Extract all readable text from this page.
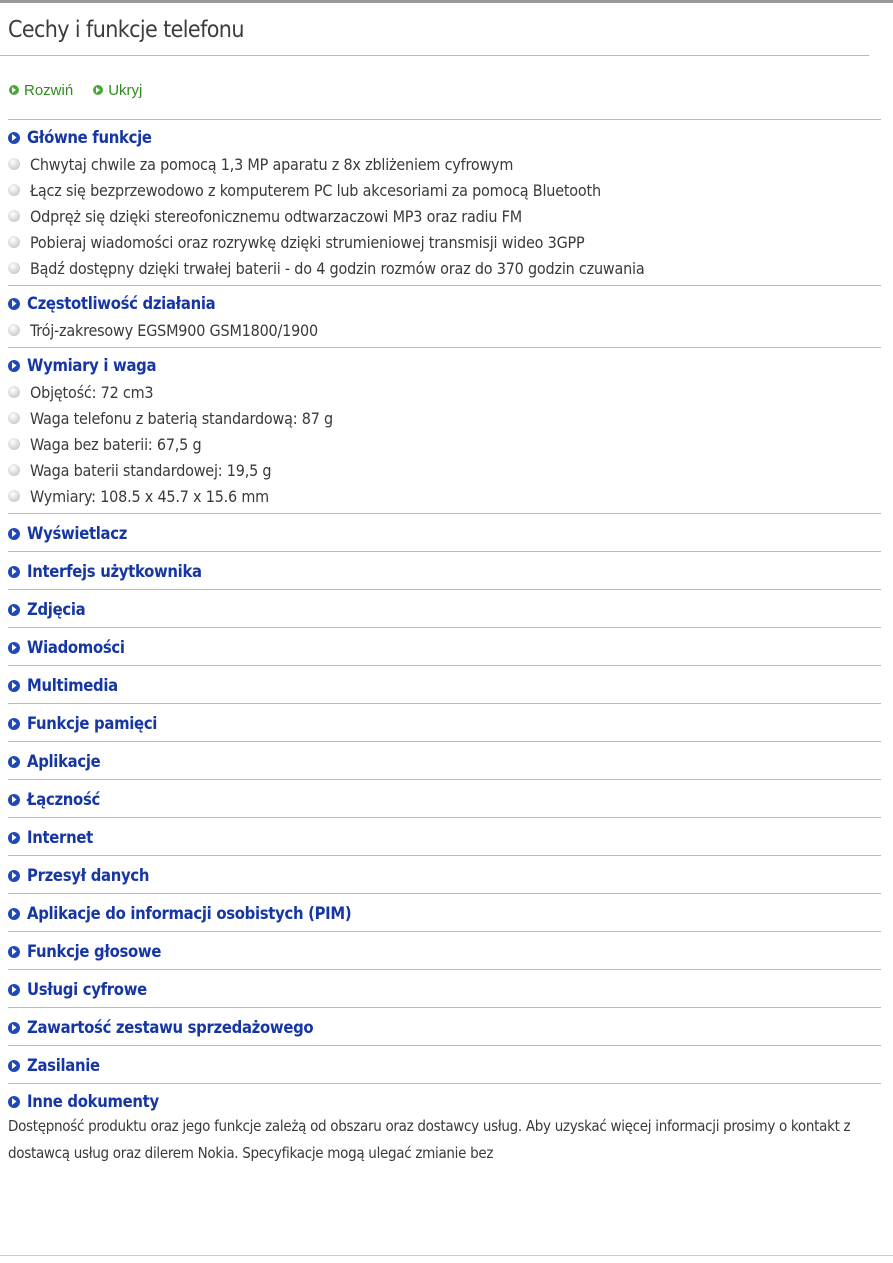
Cechy i funkcje telefonu
Rozwiń Ukryj
Główne funkcje
Chwytaj chwile za pomocą 1,3 MP aparatu z 8x zbliżeniem cyfrowym
Łącz się bezprzewodowo z komputerem PC lub akcesoriami za pomocą Bluetooth
Odpręż się dzięki stereofonicznemu odtwarzaczowi MP3 oraz radiu FM
Pobieraj wiadomości oraz rozrywkę dzięki strumieniowej transmisji wideo 3GPP
Bądź dostępny dzięki trwałej baterii - do 4 godzin rozmów oraz do 370 godzin czuwania
Częstotliwość działania
Trój-zakresowy EGSM900 GSM1800/1900
Wymiary i waga
Objętość: 72 cm3
Waga telefonu z baterią standardową: 87 g
Waga bez baterii: 67,5 g
Waga baterii standardowej: 19,5 g
Wymiary: 108.5 x 45.7 x 15.6 mm
Wyświetlacz
Interfejs użytkownika
Zdjęcia
Wiadomości
Multimedia
Funkcje pamięci
Aplikacje
Łączność
Internet
Przesył danych
Aplikacje do informacji osobistych (PIM)
Funkcje głosowe
Usługi cyfrowe
Zawartość zestawu sprzedażowego
Zasilanie
Inne dokumenty
Dostępność produktu oraz jego funkcje zależą od obszaru oraz dostawcy usług. Aby uzyskać więcej informacji prosimy o kontakt z dostawcą usług oraz dilerem Nokia. Specyfikacje mogą ulegać zmianie bez
